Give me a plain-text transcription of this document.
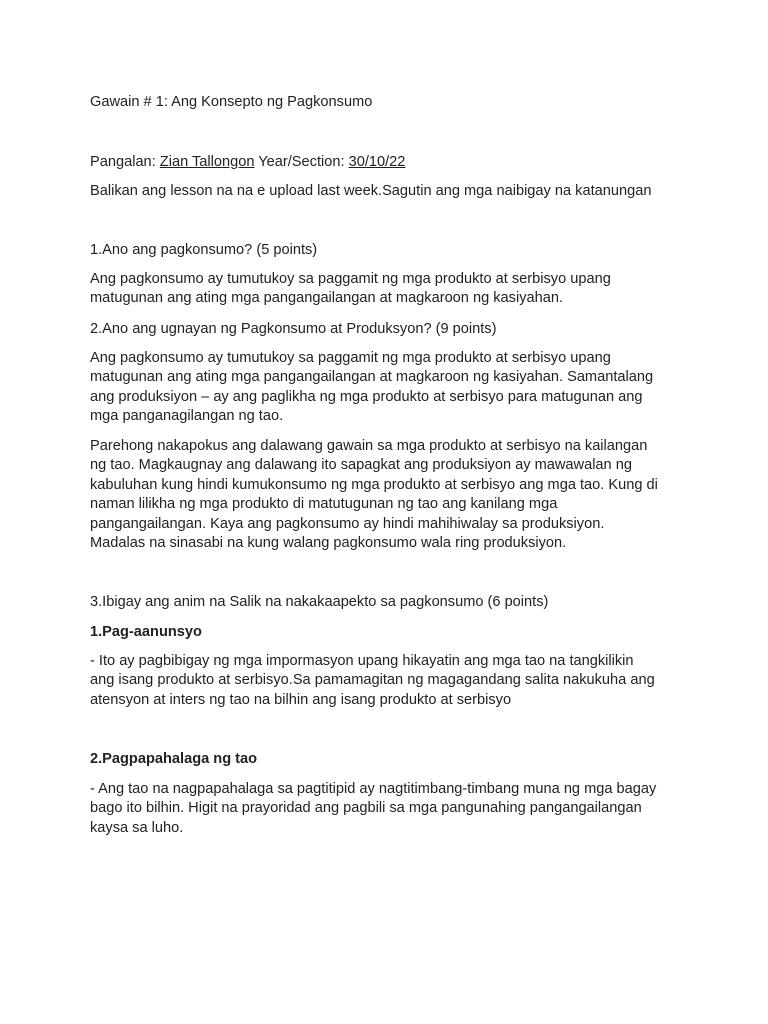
Gawain # 1: Ang Konsepto ng Pagkonsumo
Pangalan: Zian Tallongon Year/Section: 30/10/22
Balikan ang lesson na na e upload last week.Sagutin ang mga naibigay na katanungan
1.Ano ang pagkonsumo? (5 points)
Ang pagkonsumo ay tumutukoy sa paggamit ng mga produkto at serbisyo upang
matugunan ang ating mga pangangailangan at magkaroon ng kasiyahan.
2.Ano ang ugnayan ng Pagkonsumo at Produksyon? (9 points)
Ang pagkonsumo ay tumutukoy sa paggamit ng mga produkto at serbisyo upang
matugunan ang ating mga pangangailangan at magkaroon ng kasiyahan. Samantalang
ang produksiyon – ay ang paglikha ng mga produkto at serbisyo para matugunan ang
mga panganagilangan ng tao.
Parehong nakapokus ang dalawang gawain sa mga produkto at serbisyo na kailangan
ng tao. Magkaugnay ang dalawang ito sapagkat ang produksiyon ay mawawalan ng
kabuluhan kung hindi kumukonsumo ng mga produkto at serbisyo ang mga tao. Kung di
naman lilikha ng mga produkto di matutugunan ng tao ang kanilang mga
pangangailangan. Kaya ang pagkonsumo ay hindi mahihiwalay sa produksiyon.
Madalas na sinasabi na kung walang pagkonsumo wala ring produksiyon.
3.Ibigay ang anim na Salik na nakakaapekto sa pagkonsumo (6 points)
1.Pag-aanunsyo
- Ito ay pagbibigay ng mga impormasyon upang hikayatin ang mga tao na tangkilikin
ang isang produkto at serbisyo.Sa pamamagitan ng magagandang salita nakukuha ang
atensyon at inters ng tao na bilhin ang isang produkto at serbisyo
2.Pagpapahalaga ng tao
- Ang tao na nagpapahalaga sa pagtitipid ay nagtitimbang-timbang muna ng mga bagay
bago ito bilhin. Higit na prayoridad ang pagbili sa mga pangunahing pangangailangan
kaysa sa luho.
